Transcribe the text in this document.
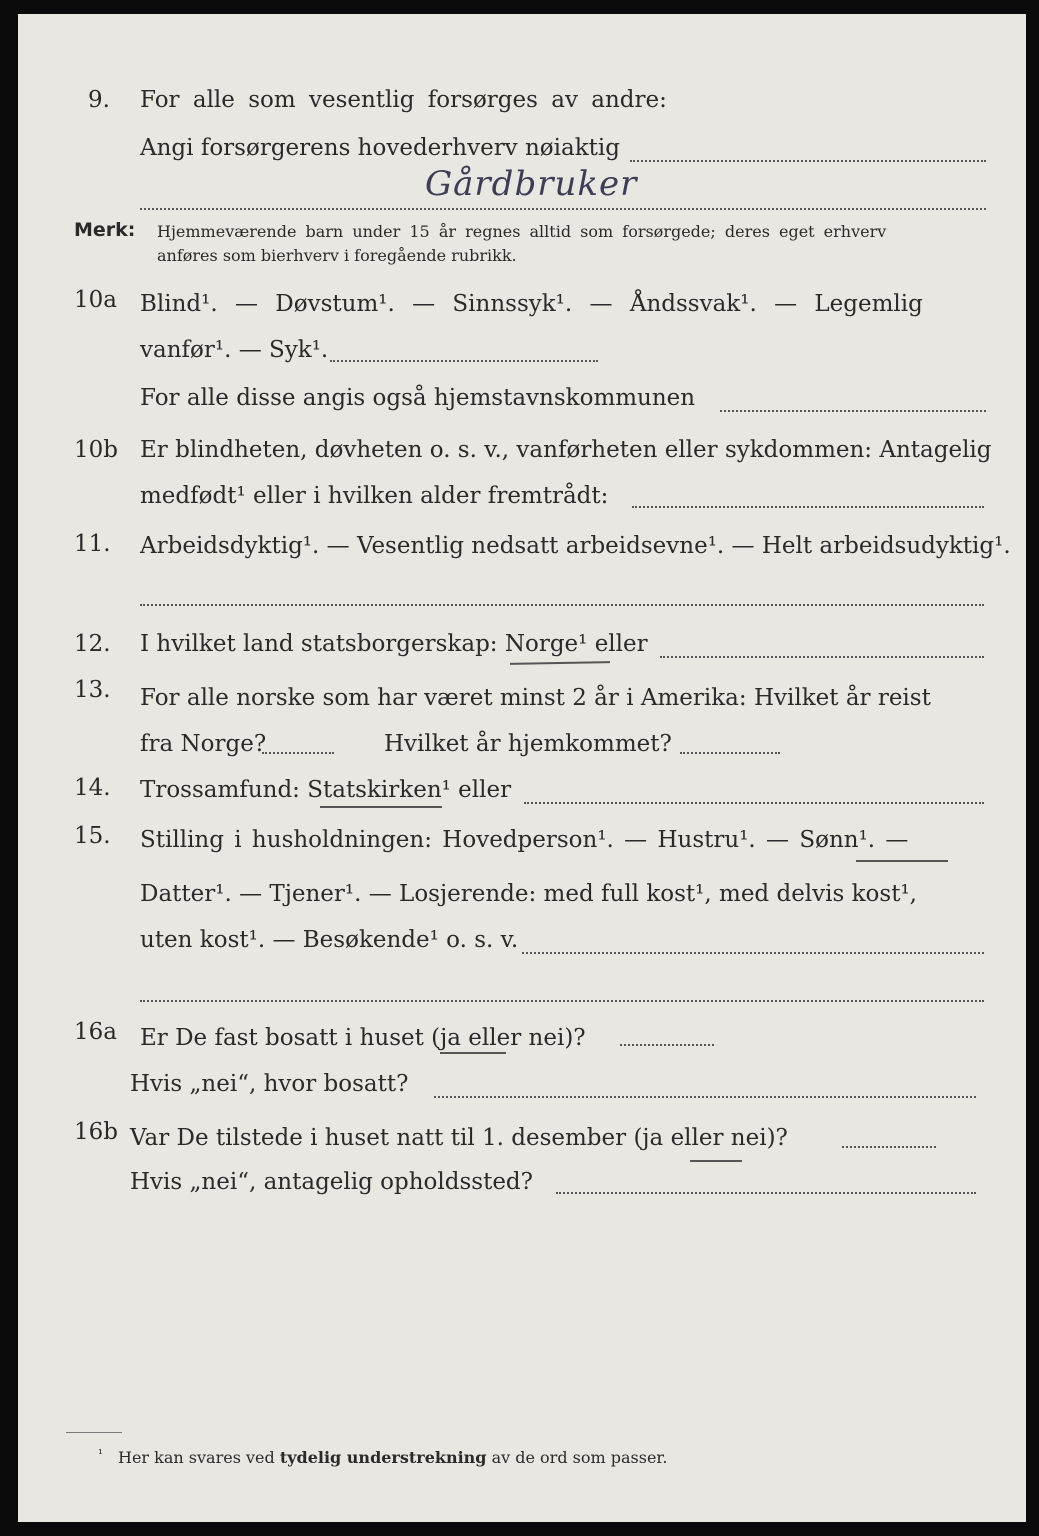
9. For alle som vesentlig forsørges av andre:
Angi forsørgerens hovederhverv nøiaktig
Gårdbruker
Merk: Hjemmeværende barn under 15 år regnes alltid som forsørgede; deres eget erhverv
anføres som bierhverv i foregående rubrikk.
10a Blind¹. — Døvstum¹. — Sinnssyk¹. — Åndssvak¹. — Legemlig
vanfør¹. — Syk¹.
For alle disse angis også hjemstavnskommunen
10b Er blindheten, døvheten o. s. v., vanførheten eller sykdommen: Antagelig
medfødt¹ eller i hvilken alder fremtrådt:
11. Arbeidsdyktig¹. — Vesentlig nedsatt arbeidsevne¹. — Helt arbeidsudyktig¹.
12. I hvilket land statsborgerskap: Norge¹ eller
13. For alle norske som har været minst 2 år i Amerika: Hvilket år reist
fra Norge?	Hvilket år hjemkommet?
14. Trossamfund: Statskirken¹ eller
15. Stilling i husholdningen: Hovedperson¹. — Hustru¹. — Sønn¹. —
Datter¹. — Tjener¹. — Losjerende: med full kost¹, med delvis kost¹,
uten kost¹. — Besøkende¹ o. s. v.
16a Er De fast bosatt i huset (ja eller nei)?
Hvis „nei“, hvor bosatt?
16b Var De tilstede i huset natt til 1. desember (ja eller nei)?
Hvis „nei“, antagelig opholdssted?
¹ Her kan svares ved tydelig understrekning av de ord som passer.
